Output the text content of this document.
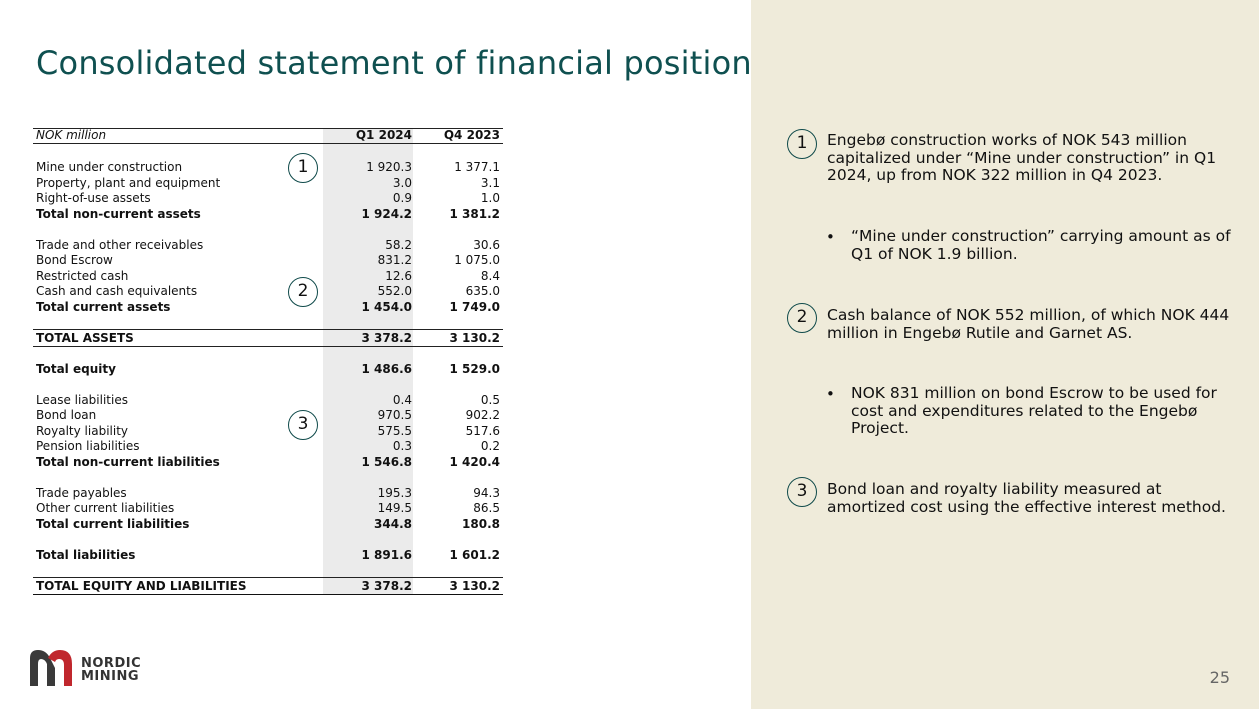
Consolidated statement of financial position
NOK million	Q1 2024	Q4 2023
Mine under construction	1 920.3	1 377.1
Property, plant and equipment	3.0	3.1
Right-of-use assets	0.9	1.0
Total non-current assets	1 924.2	1 381.2
Trade and other receivables	58.2	30.6
Bond Escrow	831.2	1 075.0
Restricted cash	12.6	8.4
Cash and cash equivalents	552.0	635.0
Total current assets	1 454.0	1 749.0
TOTAL ASSETS	3 378.2	3 130.2
Total equity	1 486.6	1 529.0
Lease liabilities	0.4	0.5
Bond loan	970.5	902.2
Royalty liability	575.5	517.6
Pension liabilities	0.3	0.2
Total non-current liabilities	1 546.8	1 420.4
Trade payables	195.3	94.3
Other current liabilities	149.5	86.5
Total current liabilities	344.8	180.8
Total liabilities	1 891.6	1 601.2
TOTAL EQUITY AND LIABILITIES	3 378.2	3 130.2
1
2
3
1	Engebø construction works of NOK 543 million capitalized under “Mine under construction” in Q1 2024, up from NOK 322 million in Q4 2023.
• “Mine under construction” carrying amount as of Q1 of NOK 1.9 billion.
2	Cash balance of NOK 552 million, of which NOK 444 million in Engebø Rutile and Garnet AS.
• NOK 831 million on bond Escrow to be used for cost and expenditures related to the Engebø Project.
3	Bond loan and royalty liability measured at amortized cost using the effective interest method.
NORDIC
MINING	25
